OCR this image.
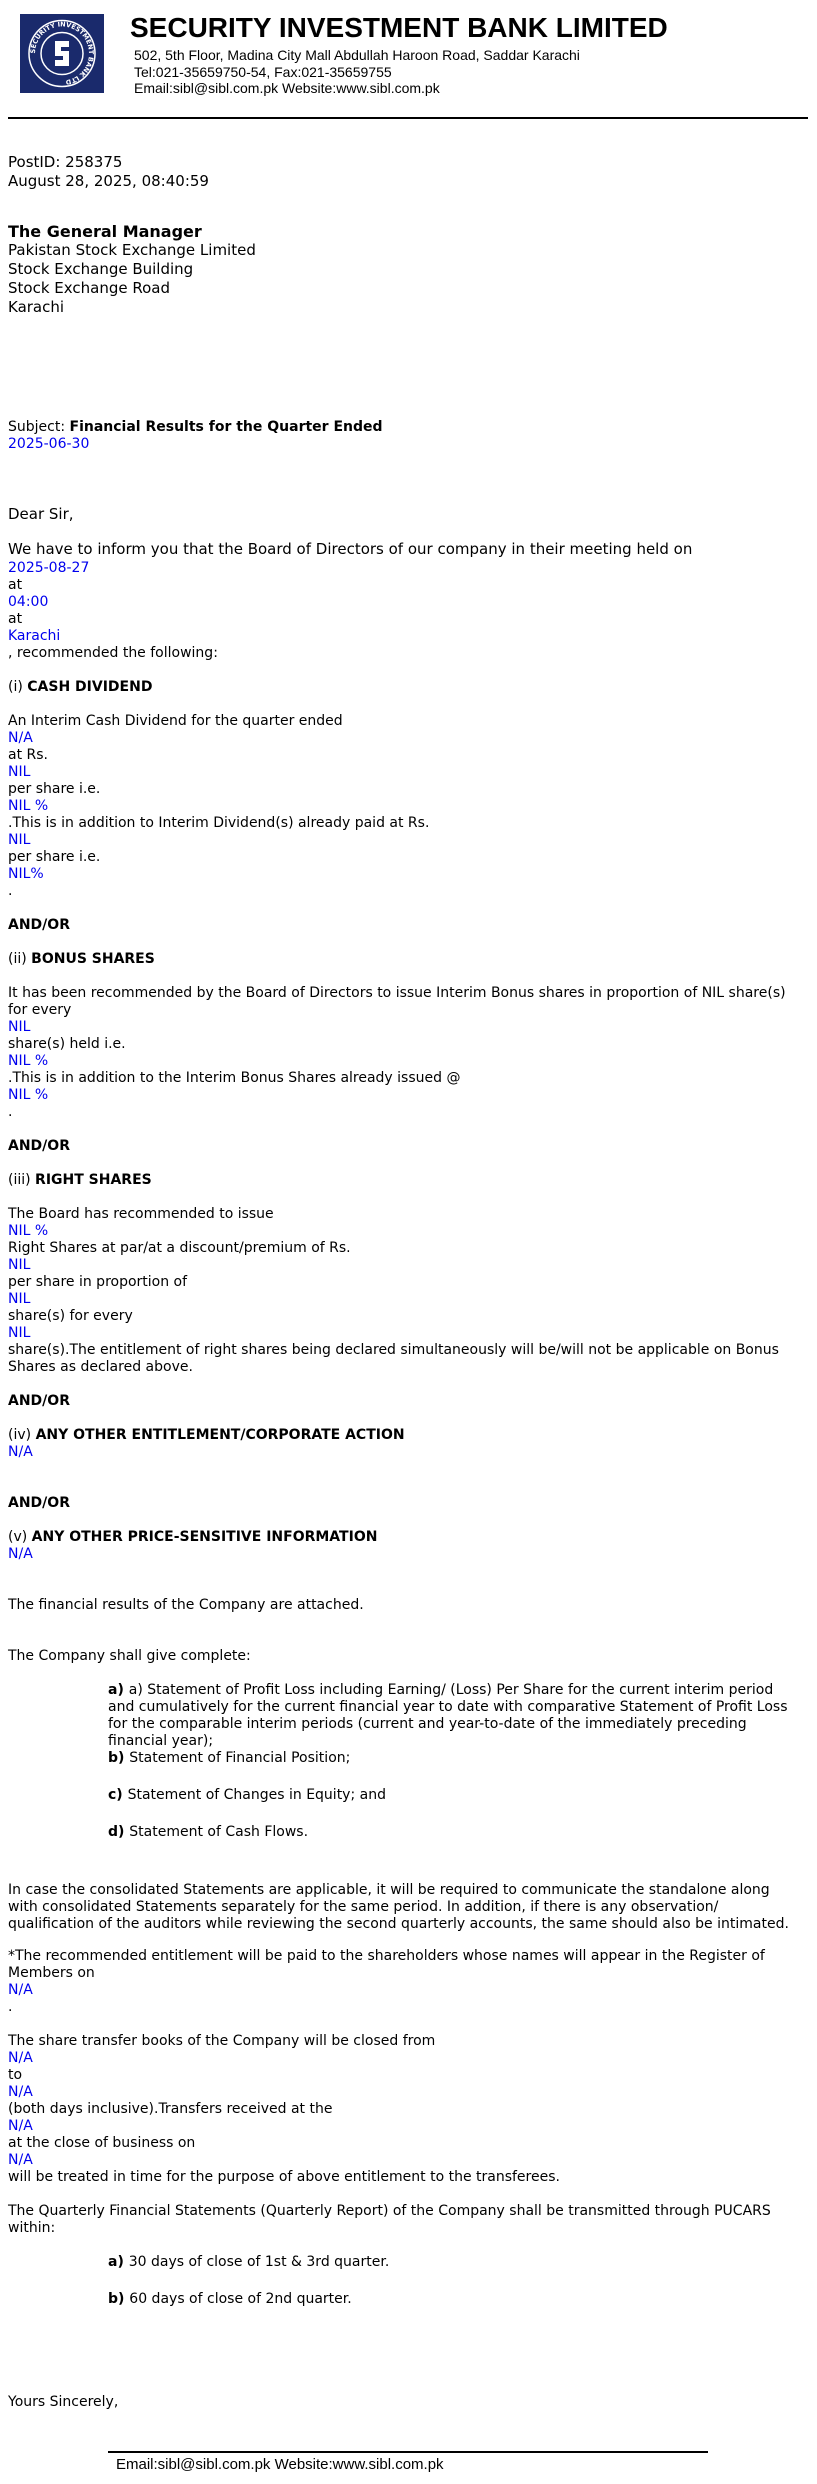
SECURITY INVESTMENT BANK LTD
SECURITY INVESTMENT BANK LIMITED
502, 5th Floor, Madina City Mall Abdullah Haroon Road, Saddar Karachi
Tel:021-35659750-54, Fax:021-35659755
Email:sibl@sibl.com.pk Website:www.sibl.com.pk
PostID: 258375
August 28, 2025, 08:40:59
The General Manager
Pakistan Stock Exchange Limited
Stock Exchange Building
Stock Exchange Road
Karachi
Subject: Financial Results for the Quarter Ended
2025-06-30
Dear Sir,
We have to inform you that the Board of Directors of our company in their meeting held on
2025-08-27
at
04:00
at
Karachi
, recommended the following:
(i) CASH DIVIDEND
An Interim Cash Dividend for the quarter ended
N/A
at Rs.
NIL
per share i.e.
NIL %
.This is in addition to Interim Dividend(s) already paid at Rs.
NIL
per share i.e.
NIL%
.
AND/OR
(ii) BONUS SHARES
It has been recommended by the Board of Directors to issue Interim Bonus shares in proportion of NIL share(s) for every
NIL
share(s) held i.e.
NIL %
.This is in addition to the Interim Bonus Shares already issued @
NIL %
.
AND/OR
(iii) RIGHT SHARES
The Board has recommended to issue
NIL %
Right Shares at par/at a discount/premium of Rs.
NIL
per share in proportion of
NIL
share(s) for every
NIL
share(s).The entitlement of right shares being declared simultaneously will be/will not be applicable on Bonus Shares as declared above.
AND/OR
(iv) ANY OTHER ENTITLEMENT/CORPORATE ACTION
N/A
AND/OR
(v) ANY OTHER PRICE-SENSITIVE INFORMATION
N/A
The financial results of the Company are attached.
The Company shall give complete:
a) a) Statement of Profit Loss including Earning/ (Loss) Per Share for the current interim period and cumulatively for the current financial year to date with comparative Statement of Profit Loss for the comparable interim periods (current and year-to-date of the immediately preceding financial year);
b) Statement of Financial Position;
c) Statement of Changes in Equity; and
d) Statement of Cash Flows.
In case the consolidated Statements are applicable, it will be required to communicate the standalone along with consolidated Statements separately for the same period. In addition, if there is any observation/ qualification of the auditors while reviewing the second quarterly accounts, the same should also be intimated.
*The recommended entitlement will be paid to the shareholders whose names will appear in the Register of Members on
N/A
.
The share transfer books of the Company will be closed from
N/A
to
N/A
(both days inclusive).Transfers received at the
N/A
at the close of business on
N/A
will be treated in time for the purpose of above entitlement to the transferees.
The Quarterly Financial Statements (Quarterly Report) of the Company shall be transmitted through PUCARS within:
a) 30 days of close of 1st & 3rd quarter.
b) 60 days of close of 2nd quarter.
Yours Sincerely,
Email:sibl@sibl.com.pk Website:www.sibl.com.pk
